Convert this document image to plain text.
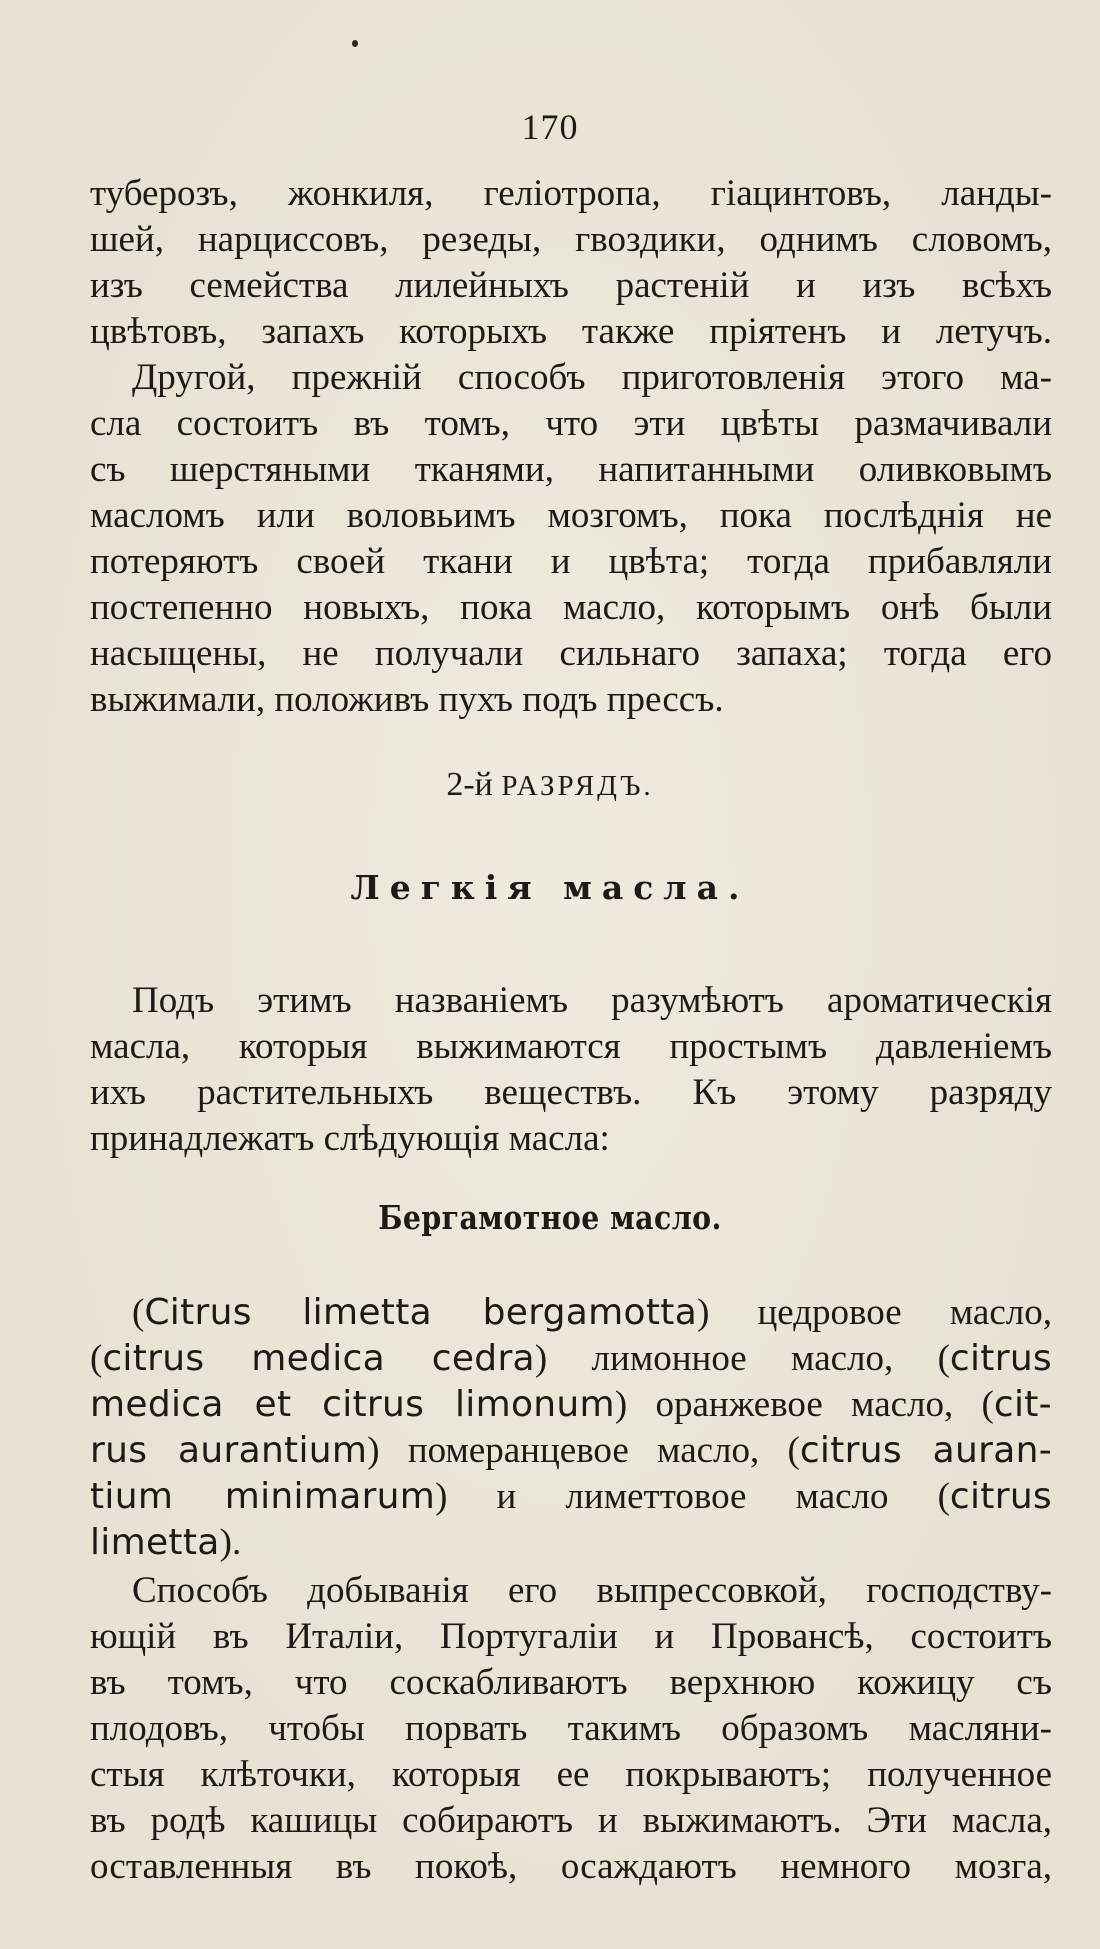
170
туберозъ, жонкиля, геліотропа, гіацинтовъ, ланды-
шей, нарциссовъ, резеды, гвоздики, однимъ словомъ,
изъ семейства лилейныхъ растеній и изъ всѣхъ
цвѣтовъ, запахъ которыхъ также пріятенъ и летучъ.
Другой, прежній способъ приготовленія этого ма-
сла состоитъ въ томъ, что эти цвѣты размачивали
съ шерстяными тканями, напитанными оливковымъ
масломъ или воловьимъ мозгомъ, пока послѣднія не
потеряютъ своей ткани и цвѣта; тогда прибавляли
постепенно новыхъ, пока масло, которымъ онѣ были
насыщены, не получали сильнаго запаха; тогда его
выжимали, положивъ пухъ подъ прессъ.
2-й РАЗРЯДЪ.
Легкія масла.
Подъ этимъ названіемъ разумѣютъ ароматическія
масла, которыя выжимаются простымъ давленіемъ
ихъ растительныхъ веществъ. Къ этому разряду
принадлежатъ слѣдующія масла:
Бергамотное масло.
(Citrus limetta bergamotta) цедровое масло,
(citrus medica cedra) лимонное масло, (citrus
medica et citrus limonum) оранжевое масло, (cit-
rus aurantium) померанцевое масло, (citrus auran-
tium minimarum) и лиметтовое масло (citrus
limetta).
Способъ добыванія его выпрессовкой, господству-
ющій въ Италіи, Португаліи и Провансѣ, состоитъ
въ томъ, что соскабливаютъ верхнюю кожицу съ
плодовъ, чтобы порвать такимъ образомъ масляни-
стыя клѣточки, которыя ее покрываютъ; полученное
въ родѣ кашицы собираютъ и выжимаютъ. Эти масла,
оставленныя въ покоѣ, осаждаютъ немного мозга,
